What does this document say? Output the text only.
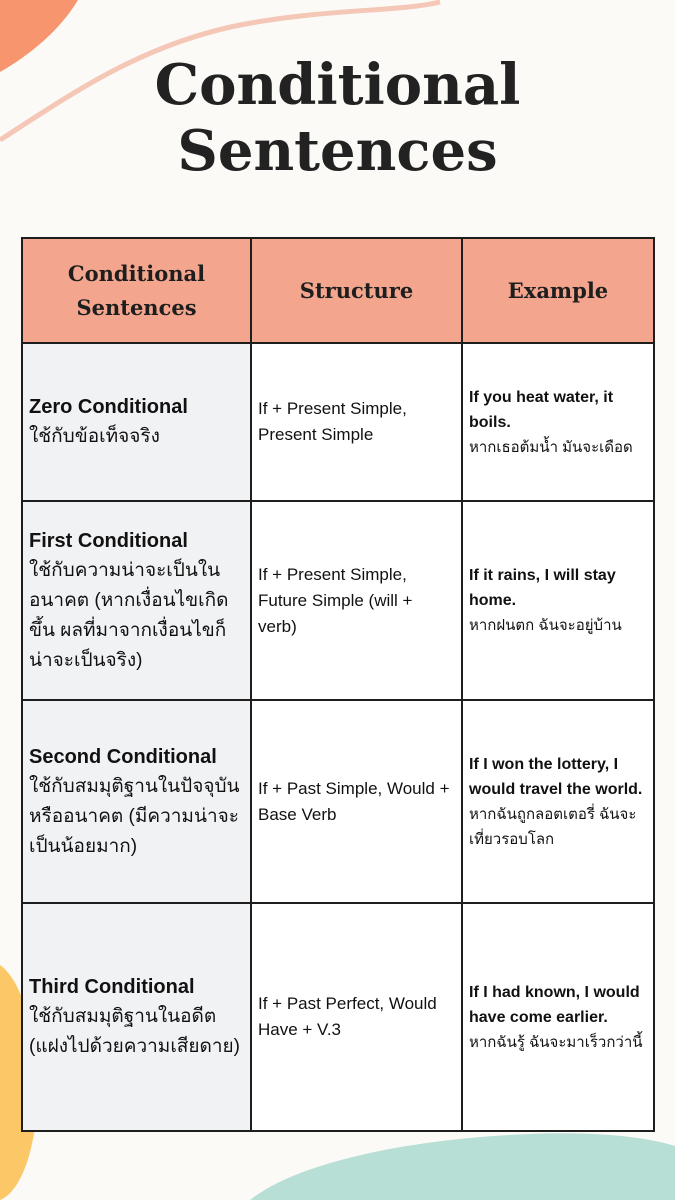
Conditional
Sentences
Conditional Sentences	Structure	Example

Zero Conditional
ใช้กับข้อเท็จจริง	If + Present Simple, Present Simple	If you heat water, it boils.
หากเธอต้มน้ำ มันจะเดือด

First Conditional
ใช้กับความน่าจะเป็นในอนาคต (หากเงื่อนไขเกิดขึ้น ผลที่มาจากเงื่อนไขก็น่าจะเป็นจริง)	If + Present Simple, Future Simple (will + verb)	If it rains, I will stay home.
หากฝนตก ฉันจะอยู่บ้าน

Second Conditional
ใช้กับสมมุติฐานในปัจจุบันหรืออนาคต (มีความน่าจะเป็นน้อยมาก)	If + Past Simple, Would + Base Verb	If I won the lottery, I would travel the world.
หากฉันถูกลอตเตอรี่ ฉันจะเที่ยวรอบโลก

Third Conditional
ใช้กับสมมุติฐานในอดีต (แฝงไปด้วยความเสียดาย)	If + Past Perfect, Would Have + V.3	If I had known, I would have come earlier.
หากฉันรู้ ฉันจะมาเร็วกว่านี้
